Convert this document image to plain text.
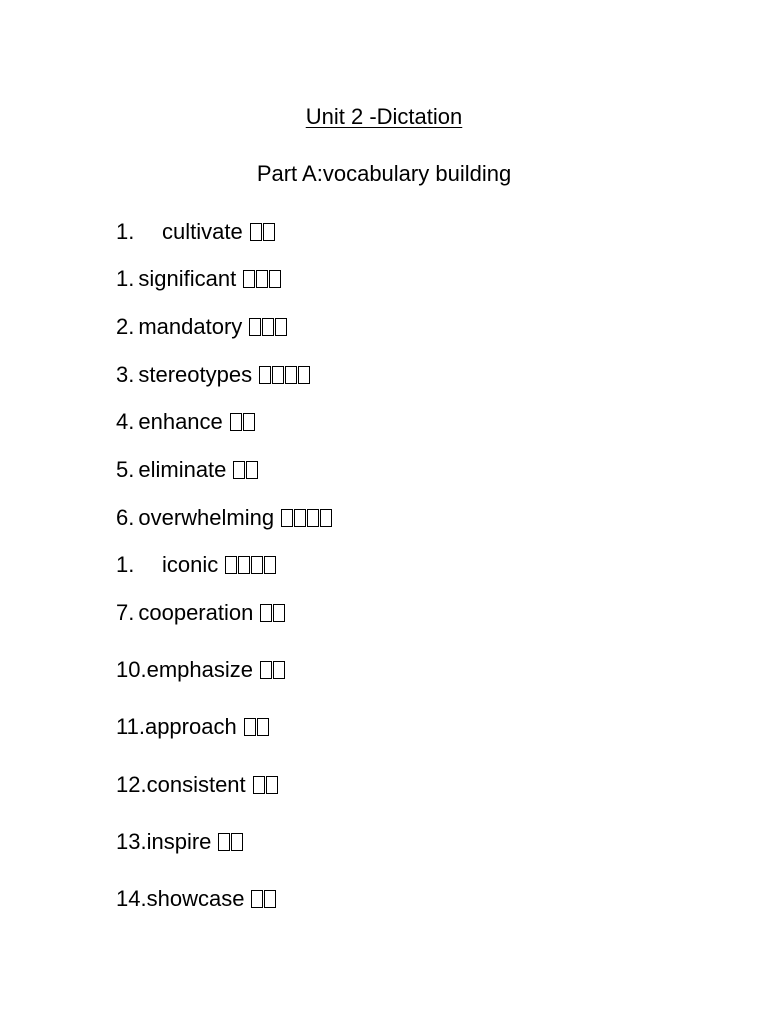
Unit 2 -Dictation
Part A:vocabulary building
1.	cultivate
1. significant
2. mandatory
3. stereotypes
4. enhance
5. eliminate
6. overwhelming
1.	iconic
7. cooperation
10. emphasize
11. approach
12. consistent
13. inspire
14. showcase
